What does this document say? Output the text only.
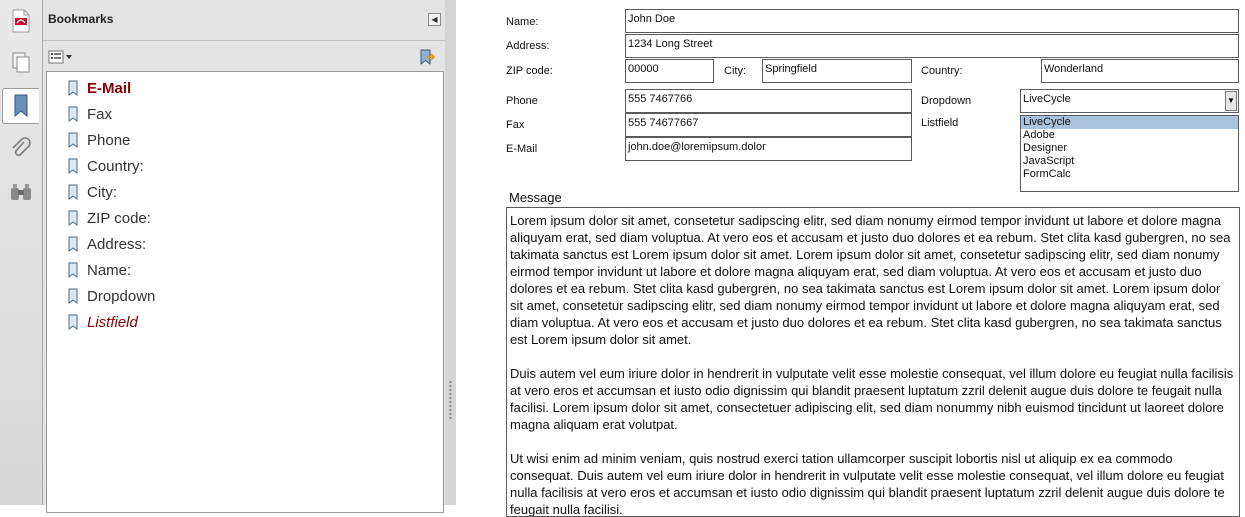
Bookmarks	◀
E-Mail
Fax
Phone
Country:
City:
ZIP code:
Address:
Name:
Dropdown
Listfield
Name:	John Doe
Address:	1234 Long Street
ZIP code:	00000	City: Springfield	Country:	Wonderland
Phone	555 7467766
Fax	555 74677667
E-Mail	john.doe@loremipsum.dolor
Dropdown	LiveCycle	▼
Listfield	LiveCycle
Adobe
Designer
JavaScript
FormCalc
Message

Lorem ipsum dolor sit amet, consetetur sadipscing elitr, sed diam nonumy eirmod tempor invidunt ut labore et dolore magna aliquyam erat, sed diam voluptua. At vero eos et accusam et justo duo dolores et ea rebum. Stet clita kasd gubergren, no sea takimata sanctus est Lorem ipsum dolor sit amet. Lorem ipsum dolor sit amet, consetetur sadipscing elitr, sed diam nonumy eirmod tempor invidunt ut labore et dolore magna aliquyam erat, sed diam voluptua. At vero eos et accusam et justo duo dolores et ea rebum. Stet clita kasd gubergren, no sea takimata sanctus est Lorem ipsum dolor sit amet. Lorem ipsum dolor sit amet, consetetur sadipscing elitr, sed diam nonumy eirmod tempor invidunt ut labore et dolore magna aliquyam erat, sed diam voluptua. At vero eos et accusam et justo duo dolores et ea rebum. Stet clita kasd gubergren, no sea takimata sanctus est Lorem ipsum dolor sit amet.

Duis autem vel eum iriure dolor in hendrerit in vulputate velit esse molestie consequat, vel illum dolore eu feugiat nulla facilisis at vero eros et accumsan et iusto odio dignissim qui blandit praesent luptatum zzril delenit augue duis dolore te feugait nulla facilisi. Lorem ipsum dolor sit amet, consectetuer adipiscing elit, sed diam nonummy nibh euismod tincidunt ut laoreet dolore magna aliquam erat volutpat.

Ut wisi enim ad minim veniam, quis nostrud exerci tation ullamcorper suscipit lobortis nisl ut aliquip ex ea commodo consequat. Duis autem vel eum iriure dolor in hendrerit in vulputate velit esse molestie consequat, vel illum dolore eu feugiat nulla facilisis at vero eros et accumsan et iusto odio dignissim qui blandit praesent luptatum zzril delenit augue duis dolore te feugait nulla facilisi.
